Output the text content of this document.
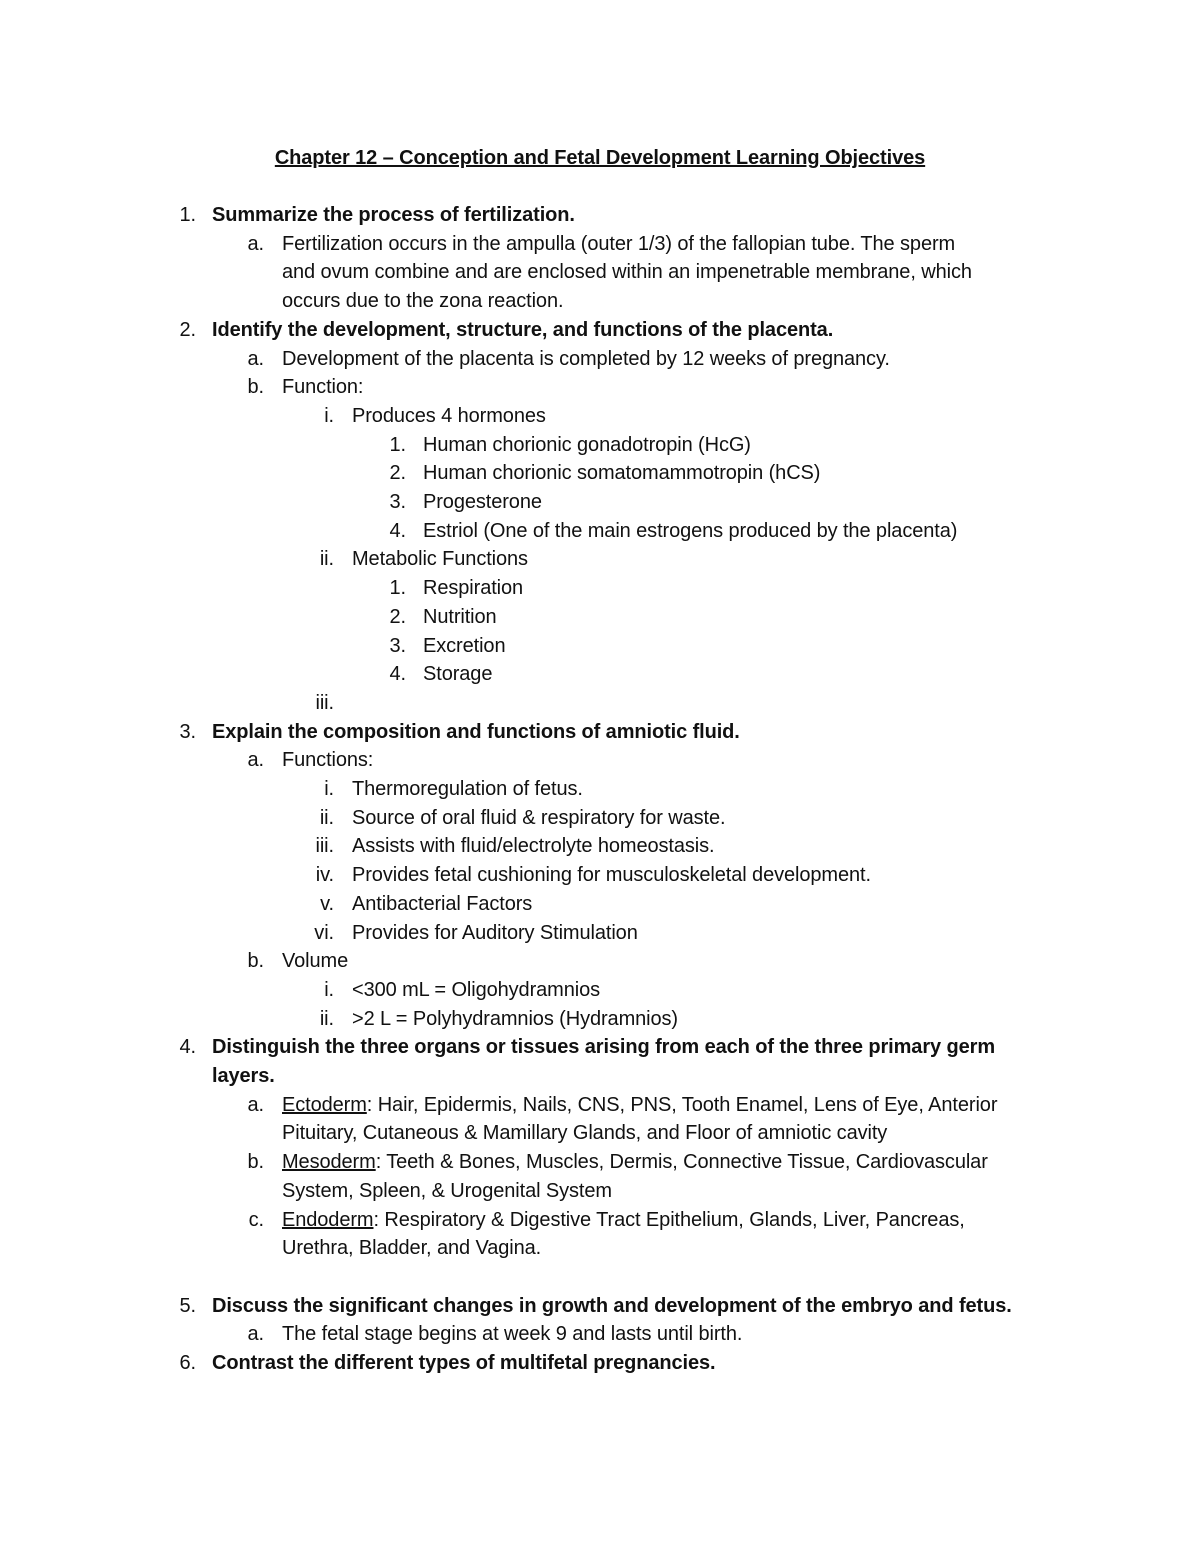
Chapter 12 – Conception and Fetal Development Learning Objectives
1. Summarize the process of fertilization.
a. Fertilization occurs in the ampulla (outer 1/3) of the fallopian tube. The sperm
and ovum combine and are enclosed within an impenetrable membrane, which
occurs due to the zona reaction.
2. Identify the development, structure, and functions of the placenta.
a. Development of the placenta is completed by 12 weeks of pregnancy.
b. Function:
i. Produces 4 hormones
1. Human chorionic gonadotropin (HcG)
2. Human chorionic somatomammotropin (hCS)
3. Progesterone
4. Estriol (One of the main estrogens produced by the placenta)
ii. Metabolic Functions
1. Respiration
2. Nutrition
3. Excretion
4. Storage
iii.
3. Explain the composition and functions of amniotic fluid.
a. Functions:
i. Thermoregulation of fetus.
ii. Source of oral fluid & respiratory for waste.
iii. Assists with fluid/electrolyte homeostasis.
iv. Provides fetal cushioning for musculoskeletal development.
v. Antibacterial Factors
vi. Provides for Auditory Stimulation
b. Volume
i. <300 mL = Oligohydramnios
ii. >2 L = Polyhydramnios (Hydramnios)
4. Distinguish the three organs or tissues arising from each of the three primary germ
layers.
a. Ectoderm: Hair, Epidermis, Nails, CNS, PNS, Tooth Enamel, Lens of Eye, Anterior
Pituitary, Cutaneous & Mamillary Glands, and Floor of amniotic cavity
b. Mesoderm: Teeth & Bones, Muscles, Dermis, Connective Tissue, Cardiovascular
System, Spleen, & Urogenital System
c. Endoderm: Respiratory & Digestive Tract Epithelium, Glands, Liver, Pancreas,
Urethra, Bladder, and Vagina.
5. Discuss the significant changes in growth and development of the embryo and fetus.
a. The fetal stage begins at week 9 and lasts until birth.
6. Contrast the different types of multifetal pregnancies.
